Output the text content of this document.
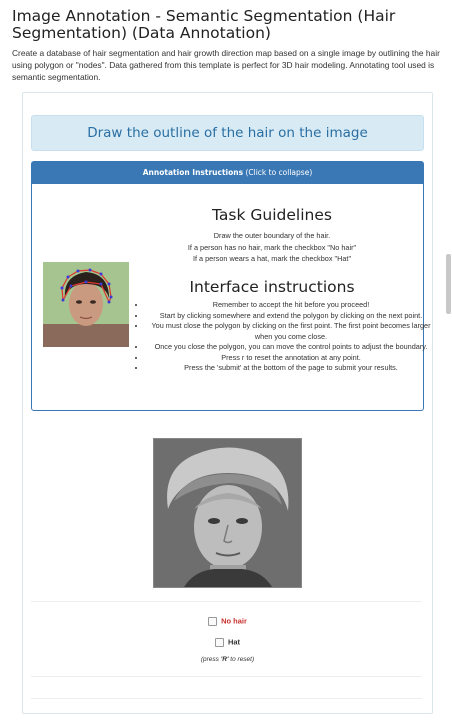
Image Annotation - Semantic Segmentation (Hair Segmentation) (Data Annotation)
Create a database of hair segmentation and hair growth direction map based on a single image by outlining the hair using polygon or "nodes". Data gathered from this template is perfect for 3D hair modeling. Annotating tool used is semantic segmentation.
Draw the outline of the hair on the image
Annotation Instructions (Click to collapse)
Task Guidelines
Draw the outer boundary of the hair.
If a person has no hair, mark the checkbox "No hair"
If a person wears a hat, mark the checkbox "Hat"
Interface instructions
• Remember to accept the hit before you proceed!
• Start by clicking somewhere and extend the polygon by clicking on the next point.
• You must close the polygon by clicking on the first point. The first point becomes larger when you come close.
• Once you close the polygon, you can move the control points to adjust the boundary.
• Press r to reset the annotation at any point.
• Press the 'submit' at the bottom of the page to submit your results.
No hair
Hat
(press 'R' to reset)
